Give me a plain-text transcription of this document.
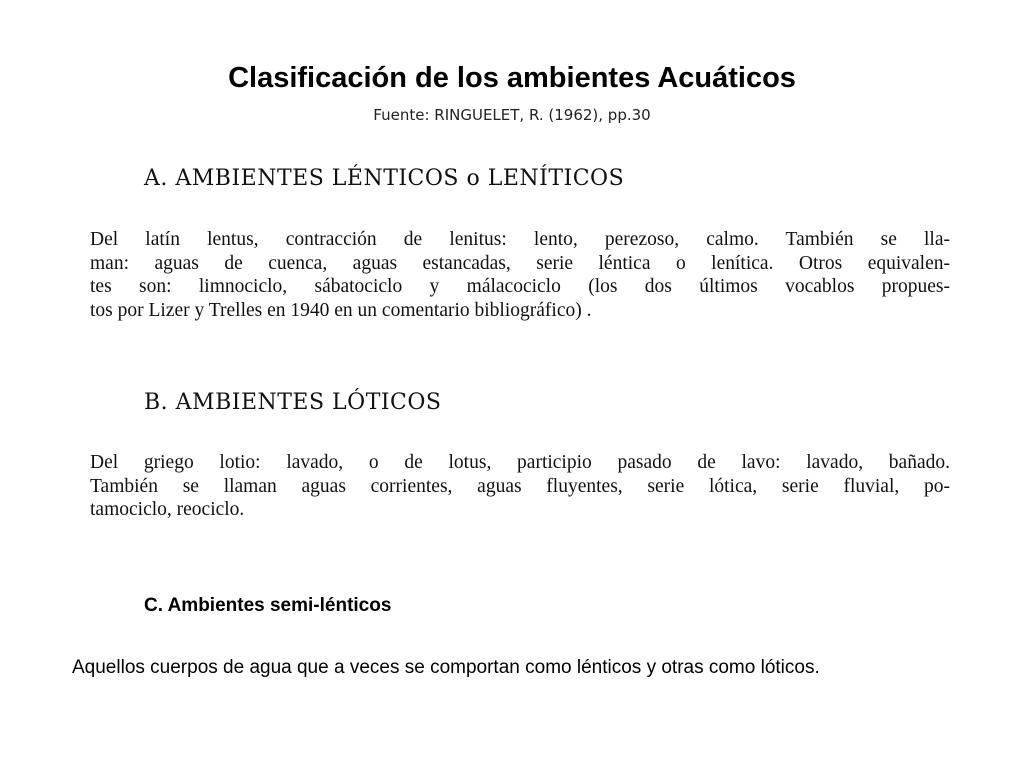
Clasificación de los ambientes Acuáticos
Fuente: RINGUELET, R. (1962), pp.30
A. AMBIENTES LÉNTICOS o LENÍTICOS
Del latín lentus, contracción de lenitus: lento, perezoso, calmo. También se lla-
man: aguas de cuenca, aguas estancadas, serie léntica o lenítica. Otros equivalen-
tes son: limnociclo, sábatociclo y málacociclo (los dos últimos vocablos propues-
tos por Lizer y Trelles en 1940 en un comentario bibliográfico) .
B. AMBIENTES LÓTICOS
Del griego lotio: lavado, o de lotus, participio pasado de lavo: lavado, bañado.
También se llaman aguas corrientes, aguas fluyentes, serie lótica, serie fluvial, po-
tamociclo, reociclo.
C. Ambientes semi-lénticos
Aquellos cuerpos de agua que a veces se comportan como lénticos y otras como lóticos.
